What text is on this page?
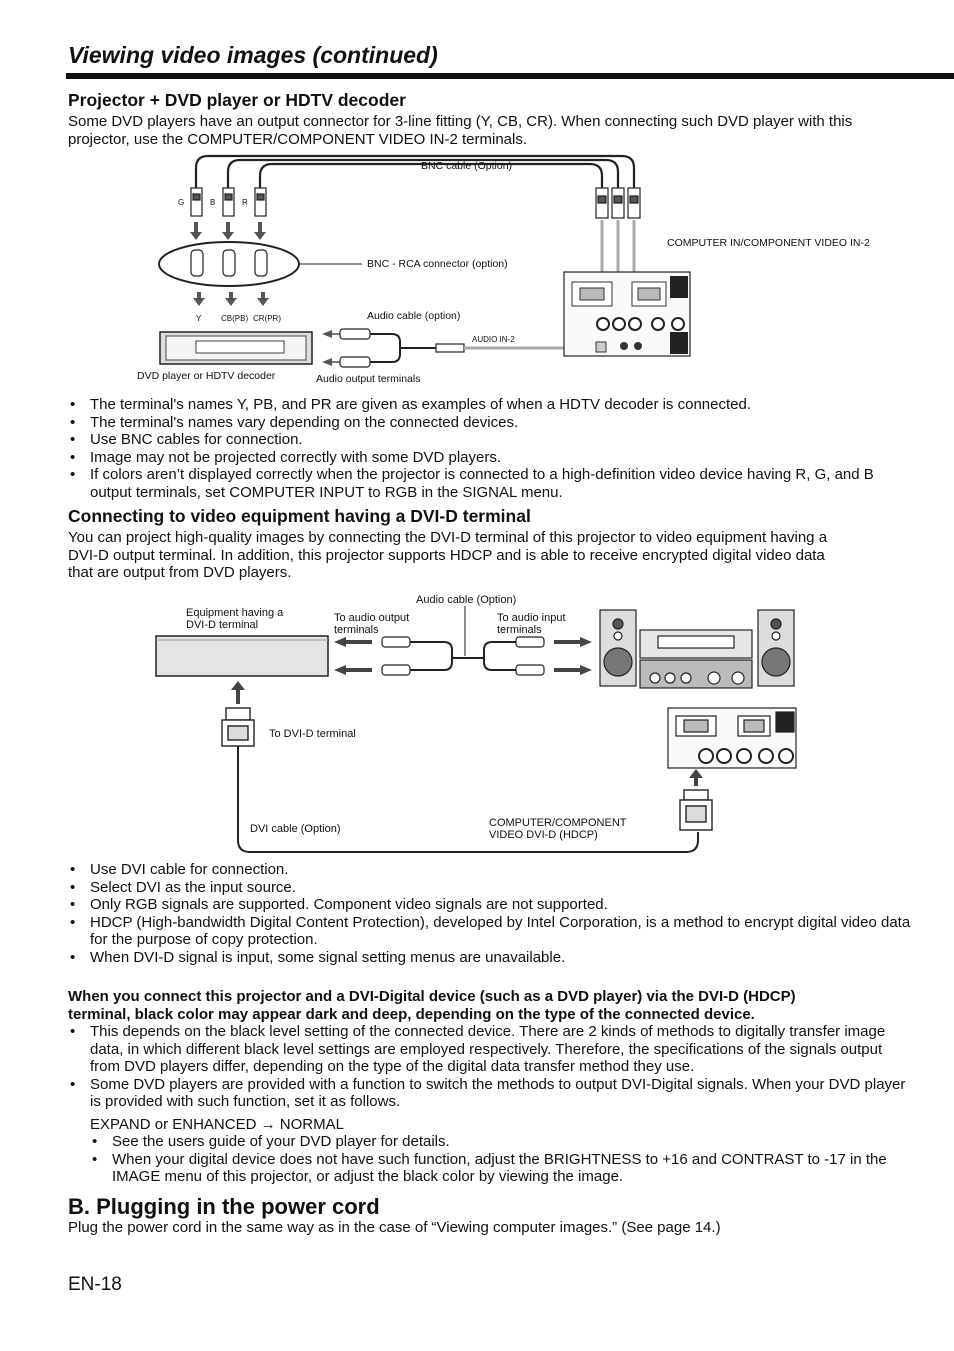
Viewing video images (continued)
Projector + DVD player or HDTV decoder
Some DVD players have an output connector for 3-line fitting (Y, CB, CR). When connecting such DVD player with this
projector, use the COMPUTER/COMPONENT VIDEO IN-2 terminals.
BNC cable (Option)
G	B	R
COMPUTER IN/COMPONENT VIDEO IN-2
BNC - RCA connector (option)
Y CB(PB) CR(PR)	Audio cable (option)
AUDIO IN-2
DVD player or HDTV decoder	Audio output terminals
• The terminal's names Y, PB, and PR are given as examples of when a HDTV decoder is connected.
• The terminal's names vary depending on the connected devices.
• Use BNC cables for connection.
• Image may not be projected correctly with some DVD players.
• If colors aren’t displayed correctly when the projector is connected to a high-definition video device having R, G, and B output terminals, set COMPUTER INPUT to RGB in the SIGNAL menu.
Connecting to video equipment having a DVI-D terminal
You can project high-quality images by connecting the DVI-D terminal of this projector to video equipment having a
DVI-D output terminal. In addition, this projector supports HDCP and is able to receive encrypted digital video data
that are output from DVD players.
Audio cable (Option)
Equipment having a
DVI-D terminal
To audio output
terminals
To audio input
terminals
To DVI-D terminal
DVI cable (Option)	COMPUTER/COMPONENT
VIDEO DVI-D (HDCP)
• Use DVI cable for connection.
• Select DVI as the input source.
• Only RGB signals are supported. Component video signals are not supported.
• HDCP (High-bandwidth Digital Content Protection), developed by Intel Corporation, is a method to encrypt digital video data for the purpose of copy protection.
• When DVI-D signal is input, some signal setting menus are unavailable.
When you connect this projector and a DVI-Digital device (such as a DVD player) via the DVI-D (HDCP)
terminal, black color may appear dark and deep, depending on the type of the connected device.
• This depends on the black level setting of the connected device. There are 2 kinds of methods to digitally transfer image data, in which different black level settings are employed respectively. Therefore, the specifications of the signals output from DVD players differ, depending on the type of the digital data transfer method they use.
• Some DVD players are provided with a function to switch the methods to output DVI-Digital signals. When your DVD player is provided with such function, set it as follows.
EXPAND or ENHANCED → NORMAL
• See the users guide of your DVD player for details.
• When your digital device does not have such function, adjust the BRIGHTNESS to +16 and CONTRAST to -17 in the IMAGE menu of this projector, or adjust the black color by viewing the image.
B. Plugging in the power cord
Plug the power cord in the same way as in the case of “Viewing computer images.” (See page 14.)
EN-18
